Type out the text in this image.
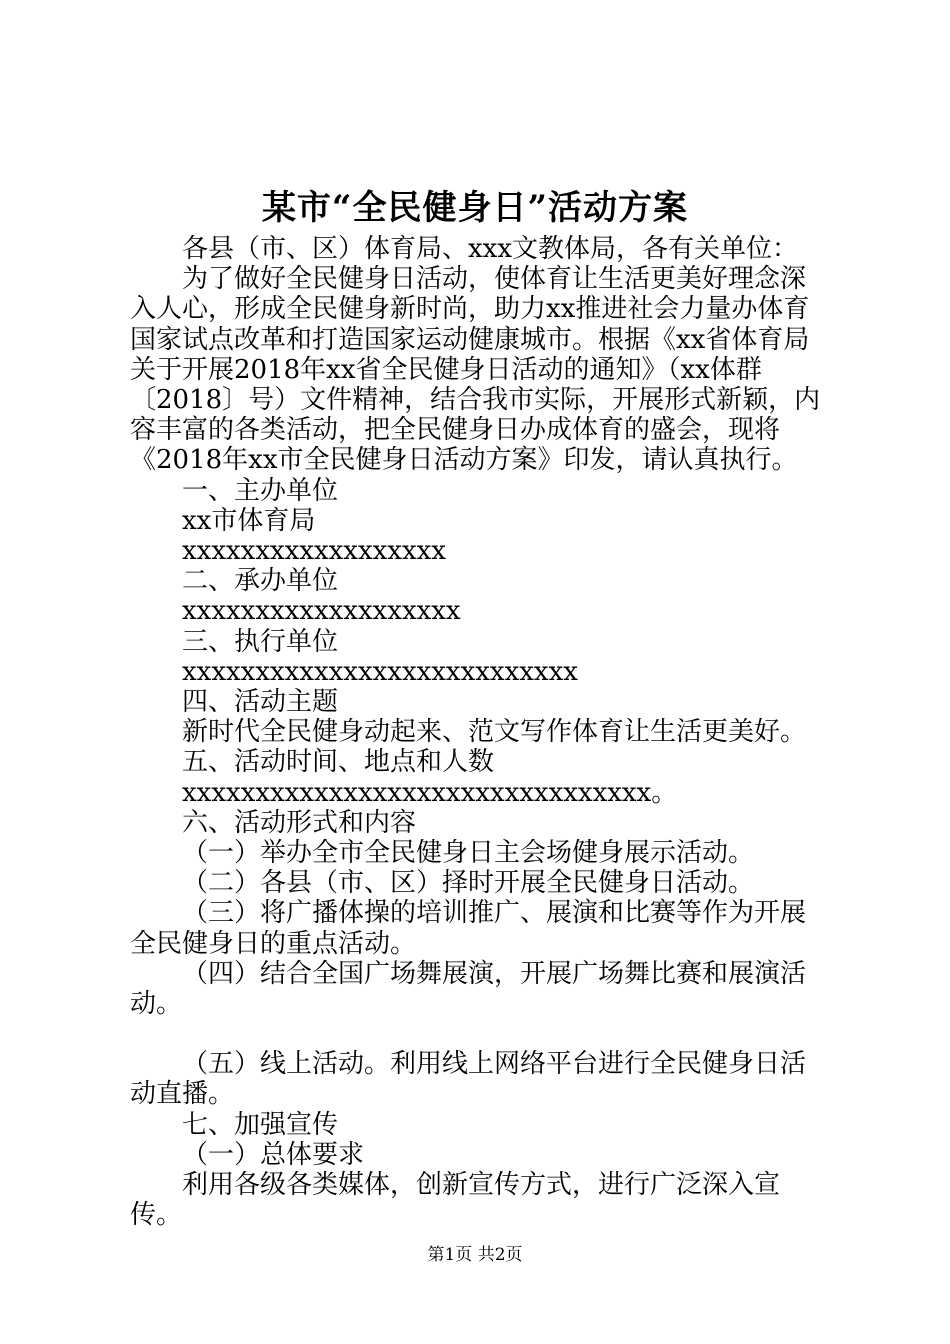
某市“全民健身日”活动方案

各县（市、区）体育局、xxx文教体局，各有关单位：

为了做好全民健身日活动，使体育让生活更美好理念深入人心，形成全民健身新时尚，助力xx推进社会力量办体育国家试点改革和打造国家运动健康城市。根据《xx省体育局关于开展2018年xx省全民健身日活动的通知》（xx体群〔2018〕号）文件精神，结合我市实际，开展形式新颖，内容丰富的各类活动，把全民健身日办成体育的盛会，现将《2018年xx市全民健身日活动方案》印发，请认真执行。

一、主办单位

xx市体育局

xxxxxxxxxxxxxxxxxx

二、承办单位

xxxxxxxxxxxxxxxxxxx

三、执行单位

xxxxxxxxxxxxxxxxxxxxxxxxxxx

四、活动主题

新时代全民健身动起来、范文写作体育让生活更美好。

五、活动时间、地点和人数

xxxxxxxxxxxxxxxxxxxxxxxxxxxxxxxx。

六、活动形式和内容

（一）举办全市全民健身日主会场健身展示活动。

（二）各县（市、区）择时开展全民健身日活动。

（三）将广播体操的培训推广、展演和比赛等作为开展全民健身日的重点活动。

（四）结合全国广场舞展演，开展广场舞比赛和展演活动。

（五）线上活动。利用线上网络平台进行全民健身日活动直播。

七、加强宣传

（一）总体要求

利用各级各类媒体，创新宣传方式，进行广泛深入宣传。

第1页 共2页
